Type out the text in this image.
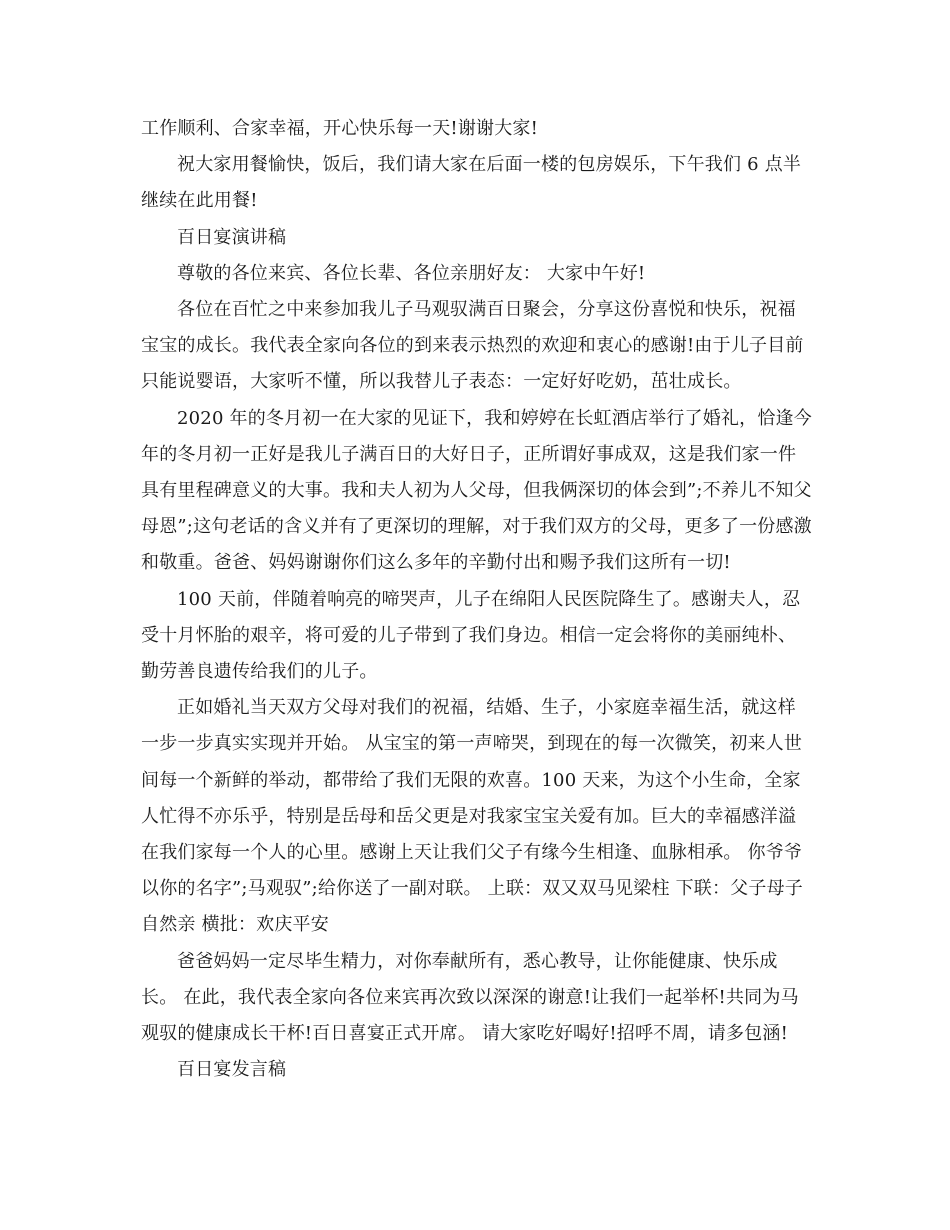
工作顺利、合家幸福，开心快乐每一天!谢谢大家!

祝大家用餐愉快，饭后，我们请大家在后面一楼的包房娱乐，下午我们 6 点半继续在此用餐!

百日宴演讲稿

尊敬的各位来宾、各位长辈、各位亲朋好友： 大家中午好!

各位在百忙之中来参加我儿子马观驭满百日聚会，分享这份喜悦和快乐，祝福宝宝的成长。我代表全家向各位的到来表示热烈的欢迎和衷心的感谢!由于儿子目前只能说婴语，大家听不懂，所以我替儿子表态：一定好好吃奶，茁壮成长。

2020 年的冬月初一在大家的见证下，我和婷婷在长虹酒店举行了婚礼，恰逢今年的冬月初一正好是我儿子满百日的大好日子，正所谓好事成双，这是我们家一件具有里程碑意义的大事。我和夫人初为人父母，但我俩深切的体会到”;不养儿不知父母恩”;这句老话的含义并有了更深切的理解，对于我们双方的父母，更多了一份感激和敬重。爸爸、妈妈谢谢你们这么多年的辛勤付出和赐予我们这所有一切!

100 天前，伴随着响亮的啼哭声，儿子在绵阳人民医院降生了。感谢夫人，忍受十月怀胎的艰辛，将可爱的儿子带到了我们身边。相信一定会将你的美丽纯朴、勤劳善良遗传给我们的儿子。

正如婚礼当天双方父母对我们的祝福，结婚、生子，小家庭幸福生活，就这样一步一步真实实现并开始。 从宝宝的第一声啼哭，到现在的每一次微笑，初来人世间每一个新鲜的举动，都带给了我们无限的欢喜。100 天来，为这个小生命，全家人忙得不亦乐乎，特别是岳母和岳父更是对我家宝宝关爱有加。巨大的幸福感洋溢在我们家每一个人的心里。感谢上天让我们父子有缘今生相逢、血脉相承。 你爷爷以你的名字”;马观驭”;给你送了一副对联。 上联：双又双马见梁柱 下联：父子母子自然亲 横批：欢庆平安

爸爸妈妈一定尽毕生精力，对你奉献所有，悉心教导，让你能健康、快乐成长。 在此，我代表全家向各位来宾再次致以深深的谢意!让我们一起举杯!共同为马观驭的健康成长干杯!百日喜宴正式开席。 请大家吃好喝好!招呼不周，请多包涵!

百日宴发言稿
